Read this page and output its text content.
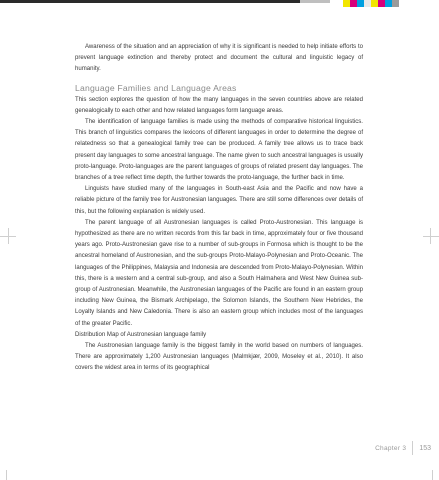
Awareness of the situation and an appreciation of why it is significant is needed to help initiate efforts to prevent language extinction and thereby protect and document the cultural and linguistic legacy of humanity.

Language Families and Language Areas

This section explores the question of how the many languages in the seven countries above are related genealogically to each other and how related languages form language areas.

The identification of language families is made using the methods of comparative historical linguistics. This branch of linguistics compares the lexicons of different languages in order to determine the degree of relatedness so that a genealogical family tree can be produced. A family tree allows us to trace back present day languages to some ancestral language. The name given to such ancestral languages is usually proto-language. Proto-languages are the parent languages of groups of related present day languages. The branches of a tree reflect time depth, the further towards the proto-language, the further back in time.

Linguists have studied many of the languages in South-east Asia and the Pacific and now have a reliable picture of the family tree for Austronesian languages. There are still some differences over details of this, but the following explanation is widely used.

The parent language of all Austronesian languages is called Proto-Austronesian. This language is hypothesized as there are no written records from this far back in time, approximately four or five thousand years ago. Proto-Austronesian gave rise to a number of sub-groups in Formosa which is thought to be the ancestral homeland of Austronesian, and the sub-groups Proto-Malayo-Polynesian and Proto-Oceanic. The languages of the Philippines, Malaysia and Indonesia are descended from Proto-Malayo-Polynesian. Within this, there is a western and a central sub-group, and also a South Halmahera and West New Guinea sub-group of Austronesian. Meanwhile, the Austronesian languages of the Pacific are found in an eastern group including New Guinea, the Bismark Archipelago, the Solomon Islands, the Southern New Hebrides, the Loyalty Islands and New Caledonia. There is also an eastern group which includes most of the languages of the greater Pacific.

Distribution Map of Austronesian language family

The Austronesian language family is the biggest family in the world based on numbers of languages. There are approximately 1,200 Austronesian languages (Malmkjær, 2009, Moseley et al., 2010). It also covers the widest area in terms of its geographical

Chapter 3	153
